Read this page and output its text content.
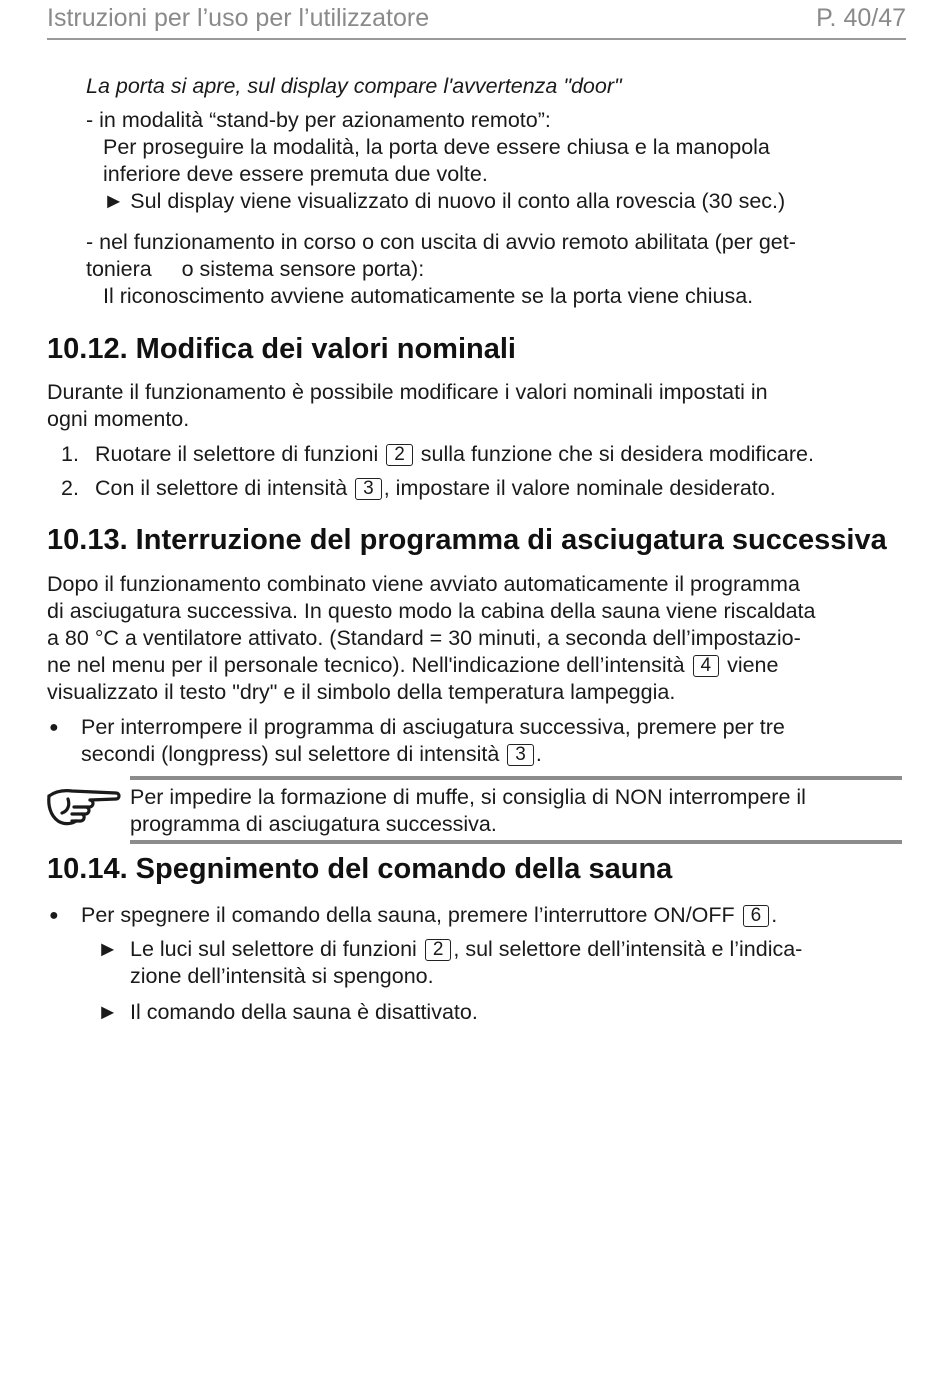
Istruzioni per l’uso per l’utilizzatore	P. 40/47
La porta si apre, sul display compare l'avvertenza "door"
- in modalità “stand-by per azionamento remoto”:
Per proseguire la modalità, la porta deve essere chiusa e la manopola
inferiore deve essere premuta due volte.
► Sul display viene visualizzato di nuovo il conto alla rovescia (30 sec.)
- nel funzionamento in corso o con uscita di avvio remoto abilitata (per get-
toniera     o sistema sensore porta):
Il riconoscimento avviene automaticamente se la porta viene chiusa.
10.12. Modifica dei valori nominali
Durante il funzionamento è possibile modificare i valori nominali impostati in
ogni momento.
1. Ruotare il selettore di funzioni 2 sulla funzione che si desidera modificare.
2. Con il selettore di intensità 3 , impostare il valore nominale desiderato.
10.13. Interruzione del programma di asciugatura successiva
Dopo il funzionamento combinato viene avviato automaticamente il programma
di asciugatura successiva. In questo modo la cabina della sauna viene riscaldata
a 80 °C a ventilatore attivato. (Standard = 30 minuti, a seconda dell’impostazio-
ne nel menu per il personale tecnico). Nell'indicazione dell’intensità 4 viene
visualizzato il testo "dry" e il simbolo della temperatura lampeggia.
● Per interrompere il programma di asciugatura successiva, premere per tre
secondi (longpress) sul selettore di intensità 3 .
Per impedire la formazione di muffe, si consiglia di NON interrompere il
programma di asciugatura successiva.
10.14. Spegnimento del comando della sauna
● Per spegnere il comando della sauna, premere l’interruttore ON/OFF 6 .
► Le luci sul selettore di funzioni 2 , sul selettore dell’intensità e l’indica-
zione dell’intensità si spengono.
► Il comando della sauna è disattivato.
